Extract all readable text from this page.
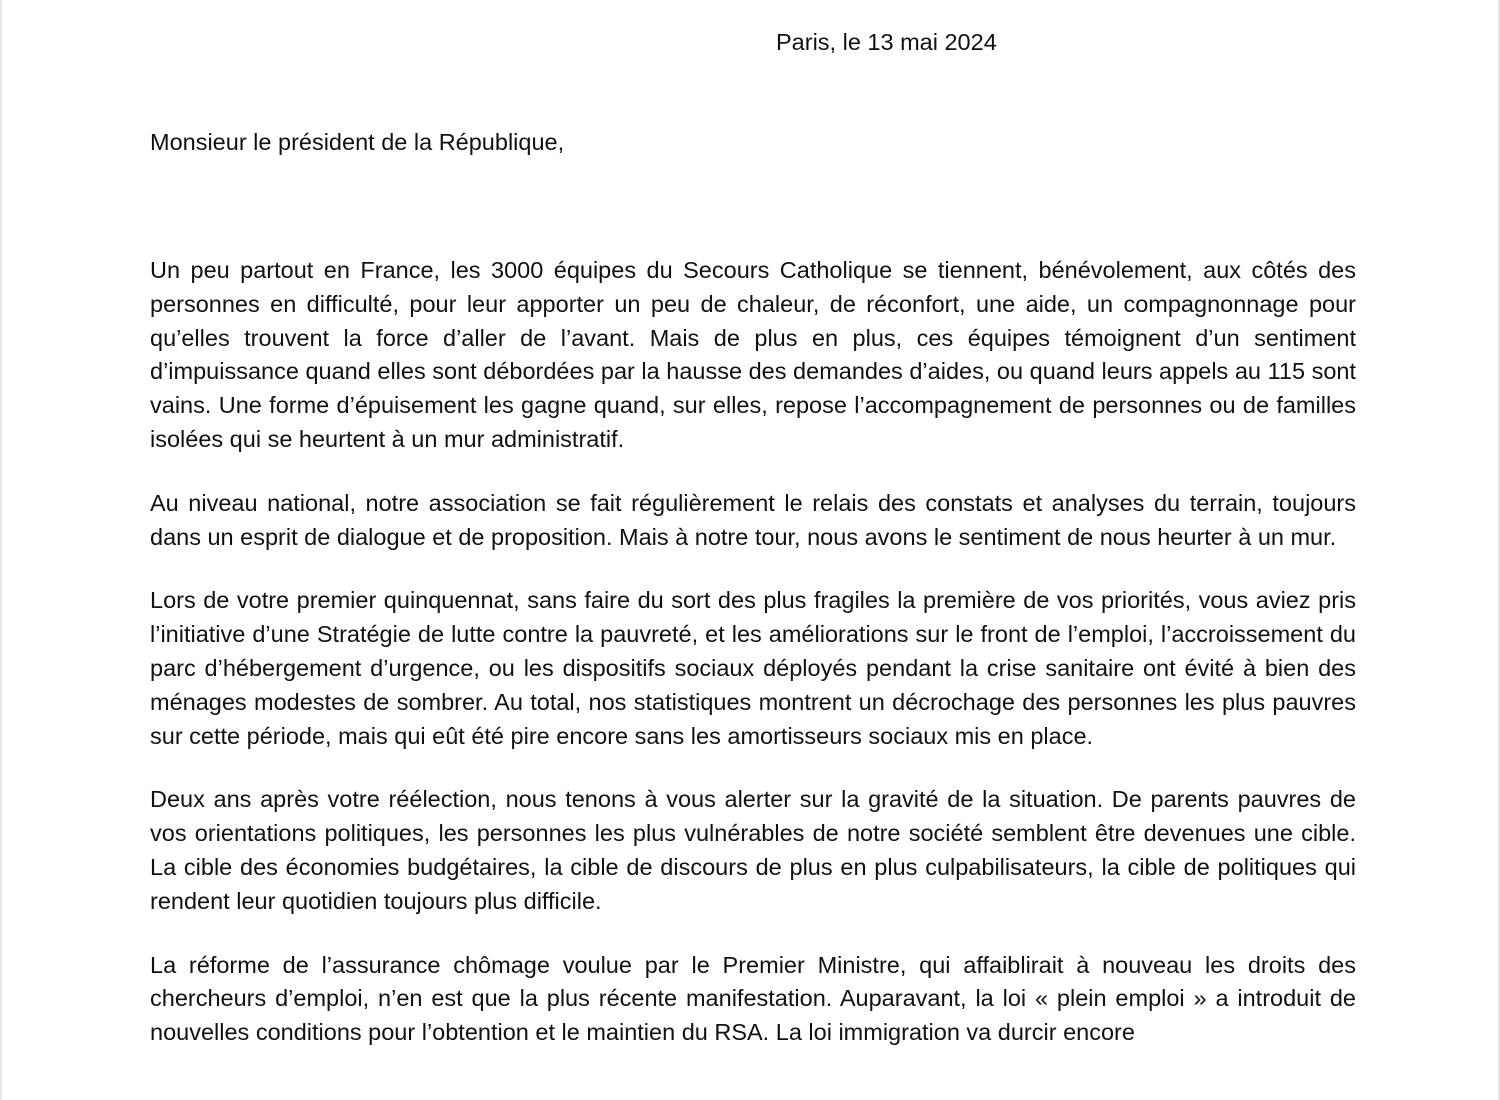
Paris, le 13 mai 2024
Monsieur le président de la République,

Un peu partout en France, les 3000 équipes du Secours Catholique se tiennent, bénévolement, aux côtés des personnes en difficulté, pour leur apporter un peu de chaleur, de réconfort, une aide, un compagnonnage pour qu’elles trouvent la force d’aller de l’avant. Mais de plus en plus, ces équipes témoignent d’un sentiment d’impuissance quand elles sont débordées par la hausse des demandes d’aides, ou quand leurs appels au 115 sont vains. Une forme d’épuisement les gagne quand, sur elles, repose l’accompagnement de personnes ou de familles isolées qui se heurtent à un mur administratif.

Au niveau national, notre association se fait régulièrement le relais des constats et analyses du terrain, toujours dans un esprit de dialogue et de proposition. Mais à notre tour, nous avons le sentiment de nous heurter à un mur.

Lors de votre premier quinquennat, sans faire du sort des plus fragiles la première de vos priorités, vous aviez pris l’initiative d’une Stratégie de lutte contre la pauvreté, et les améliorations sur le front de l’emploi, l’accroissement du parc d’hébergement d’urgence, ou les dispositifs sociaux déployés pendant la crise sanitaire ont évité à bien des ménages modestes de sombrer. Au total, nos statistiques montrent un décrochage des personnes les plus pauvres sur cette période, mais qui eût été pire encore sans les amortisseurs sociaux mis en place.

Deux ans après votre réélection, nous tenons à vous alerter sur la gravité de la situation. De parents pauvres de vos orientations politiques, les personnes les plus vulnérables de notre société semblent être devenues une cible. La cible des économies budgétaires, la cible de discours de plus en plus culpabilisateurs, la cible de politiques qui rendent leur quotidien toujours plus difficile.

La réforme de l’assurance chômage voulue par le Premier Ministre, qui affaiblirait à nouveau les droits des chercheurs d’emploi, n’en est que la plus récente manifestation. Auparavant, la loi « plein emploi » a introduit de nouvelles conditions pour l’obtention et le maintien du RSA. La loi immigration va durcir encore
